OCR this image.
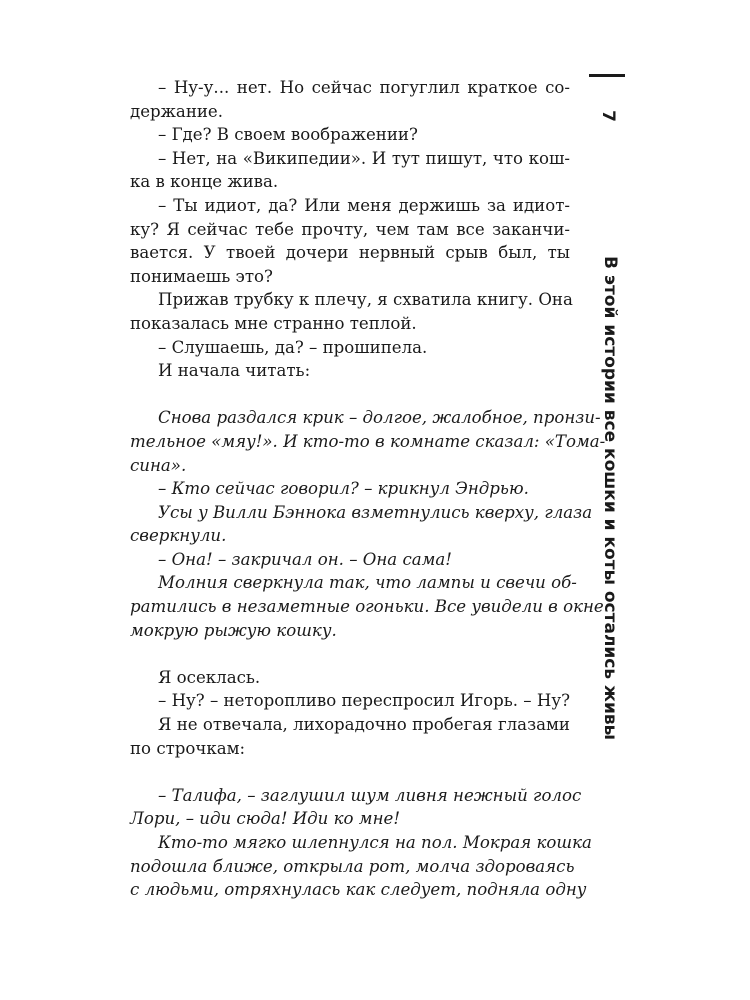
7
В этой истории все кошки и коты остались живы
– Ну-у... нет. Но сейчас погуглил краткое со-
держание.
– Где? В своем воображении?
– Нет, на «Википедии». И тут пишут, что кош-
ка в конце жива.
– Ты идиот, да? Или меня держишь за идиот-
ку? Я сейчас тебе прочту, чем там все заканчи-
вается. У твоей дочери нервный срыв был, ты
понимаешь это?
Прижав трубку к плечу, я схватила книгу. Она
показалась мне странно теплой.
– Слушаешь, да? – прошипела.
И начала читать:
Снова раздался крик – долгое, жалобное, пронзи-
тельное «мяу!». И кто-то в комнате сказал: «Тома-
сина».
– Кто сейчас говорил? – крикнул Эндрью.
Усы у Вилли Бэннока взметнулись кверху, глаза
сверкнули.
– Она! – закричал он. – Она сама!
Молния сверкнула так, что лампы и свечи об-
ратились в незаметные огоньки. Все увидели в окне
мокрую рыжую кошку.
Я осеклась.
– Ну? – неторопливо переспросил Игорь. – Ну?
Я не отвечала, лихорадочно пробегая глазами
по строчкам:
– Талифа, – заглушил шум ливня нежный голос
Лори, – иди сюда! Иди ко мне!
Кто-то мягко шлепнулся на пол. Мокрая кошка
подошла ближе, открыла рот, молча здороваясь
с людьми, отряхнулась как следует, подняла одну
